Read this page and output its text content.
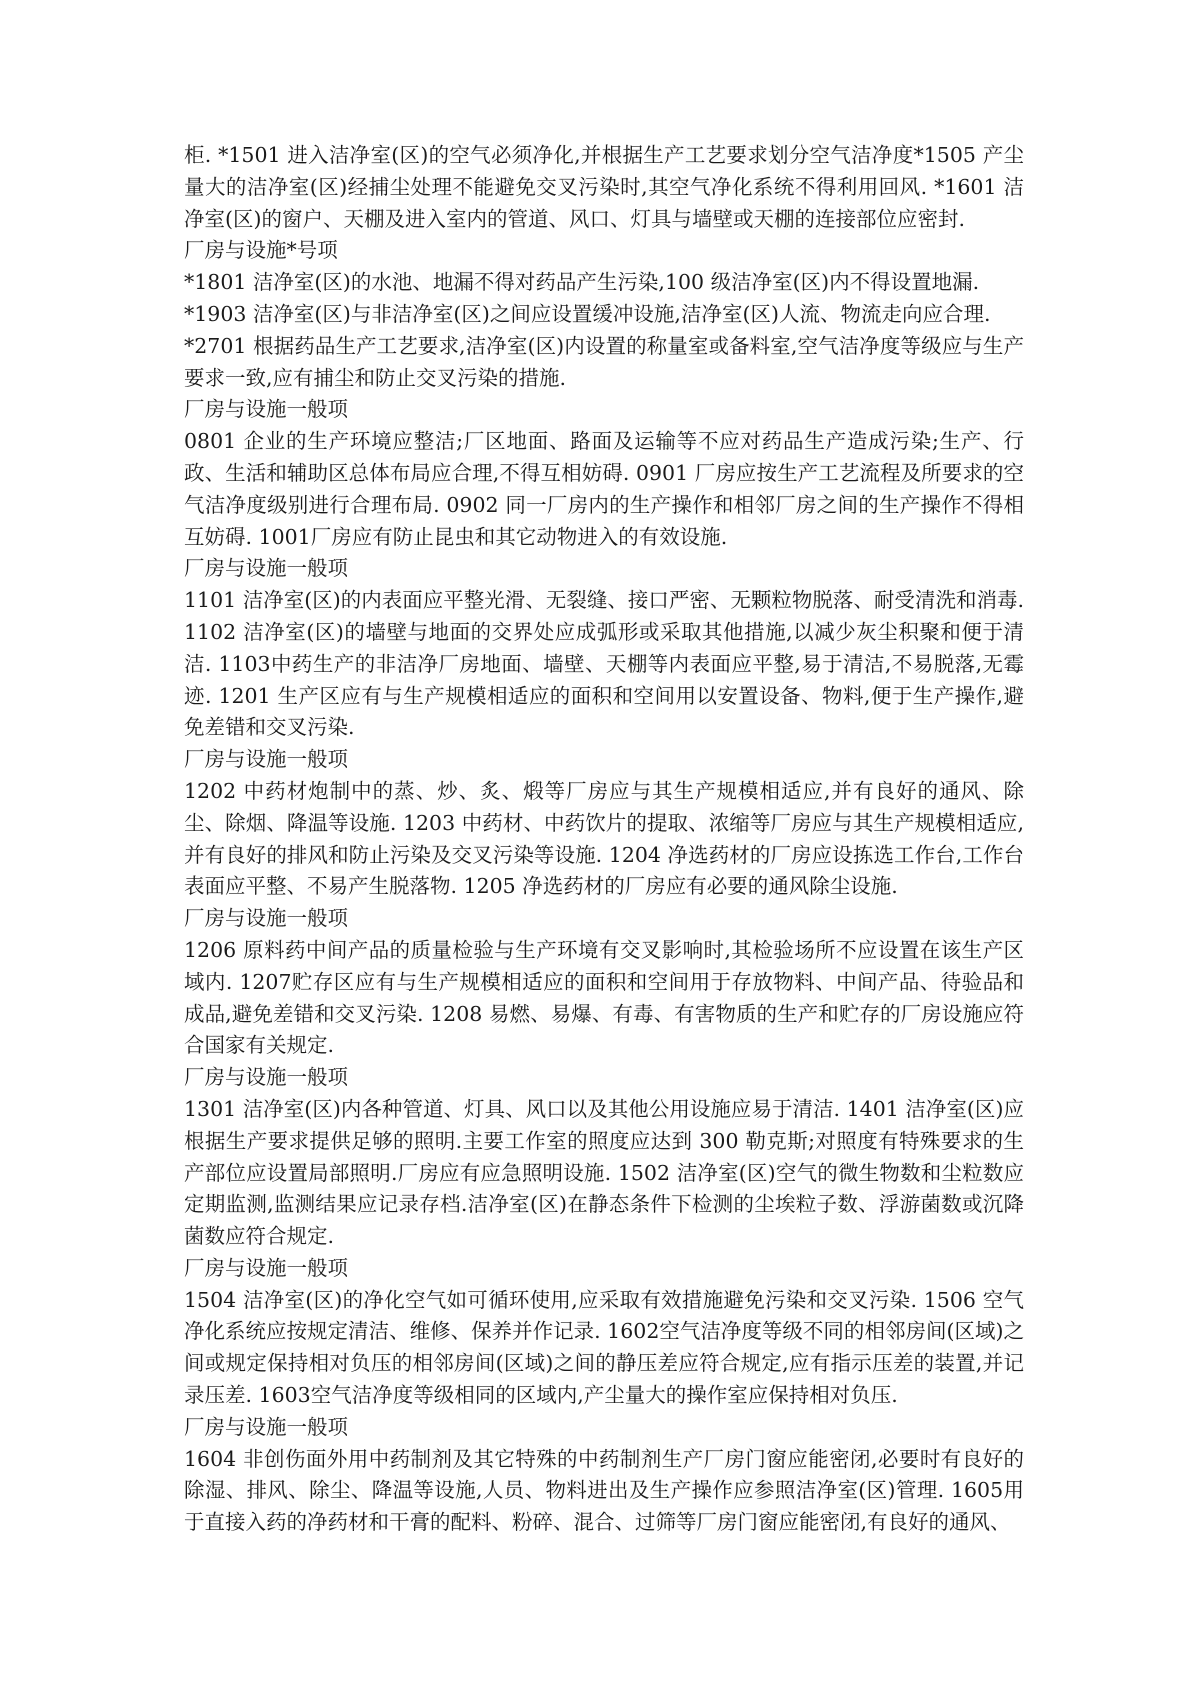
柜. *1501 进入洁净室(区)的空气必须净化,并根据生产工艺要求划分空气洁净度*1505 产尘量大的洁净室(区)经捕尘处理不能避免交叉污染时,其空气净化系统不得利用回风. *1601 洁净室(区)的窗户、天棚及进入室内的管道、风口、灯具与墙壁或天棚的连接部位应密封.

厂房与设施*号项

*1801 洁净室(区)的水池、地漏不得对药品产生污染,100 级洁净室(区)内不得设置地漏.

*1903 洁净室(区)与非洁净室(区)之间应设置缓冲设施,洁净室(区)人流、物流走向应合理.

*2701 根据药品生产工艺要求,洁净室(区)内设置的称量室或备料室,空气洁净度等级应与生产要求一致,应有捕尘和防止交叉污染的措施.

厂房与设施一般项

0801 企业的生产环境应整洁;厂区地面、路面及运输等不应对药品生产造成污染;生产、行政、生活和辅助区总体布局应合理,不得互相妨碍. 0901 厂房应按生产工艺流程及所要求的空气洁净度级别进行合理布局. 0902 同一厂房内的生产操作和相邻厂房之间的生产操作不得相互妨碍. 1001厂房应有防止昆虫和其它动物进入的有效设施.

厂房与设施一般项

1101 洁净室(区)的内表面应平整光滑、无裂缝、接口严密、无颗粒物脱落、耐受清洗和消毒. 1102 洁净室(区)的墙壁与地面的交界处应成弧形或采取其他措施,以减少灰尘积聚和便于清洁. 1103中药生产的非洁净厂房地面、墙壁、天棚等内表面应平整,易于清洁,不易脱落,无霉迹. 1201 生产区应有与生产规模相适应的面积和空间用以安置设备、物料,便于生产操作,避免差错和交叉污染.

厂房与设施一般项

1202 中药材炮制中的蒸、炒、炙、煅等厂房应与其生产规模相适应,并有良好的通风、除尘、除烟、降温等设施. 1203 中药材、中药饮片的提取、浓缩等厂房应与其生产规模相适应,并有良好的排风和防止污染及交叉污染等设施. 1204 净选药材的厂房应设拣选工作台,工作台表面应平整、不易产生脱落物. 1205 净选药材的厂房应有必要的通风除尘设施.

厂房与设施一般项

1206 原料药中间产品的质量检验与生产环境有交叉影响时,其检验场所不应设置在该生产区域内. 1207贮存区应有与生产规模相适应的面积和空间用于存放物料、中间产品、待验品和成品,避免差错和交叉污染. 1208 易燃、易爆、有毒、有害物质的生产和贮存的厂房设施应符合国家有关规定.

厂房与设施一般项

1301 洁净室(区)内各种管道、灯具、风口以及其他公用设施应易于清洁. 1401 洁净室(区)应根据生产要求提供足够的照明.主要工作室的照度应达到 300 勒克斯;对照度有特殊要求的生产部位应设置局部照明.厂房应有应急照明设施. 1502 洁净室(区)空气的微生物数和尘粒数应定期监测,监测结果应记录存档.洁净室(区)在静态条件下检测的尘埃粒子数、浮游菌数或沉降菌数应符合规定.

厂房与设施一般项

1504 洁净室(区)的净化空气如可循环使用,应采取有效措施避免污染和交叉污染. 1506 空气净化系统应按规定清洁、维修、保养并作记录. 1602空气洁净度等级不同的相邻房间(区域)之间或规定保持相对负压的相邻房间(区域)之间的静压差应符合规定,应有指示压差的装置,并记录压差. 1603空气洁净度等级相同的区域内,产尘量大的操作室应保持相对负压.

厂房与设施一般项

1604 非创伤面外用中药制剂及其它特殊的中药制剂生产厂房门窗应能密闭,必要时有良好的除湿、排风、除尘、降温等设施,人员、物料进出及生产操作应参照洁净室(区)管理. 1605用于直接入药的净药材和干膏的配料、粉碎、混合、过筛等厂房门窗应能密闭,有良好的通风、
